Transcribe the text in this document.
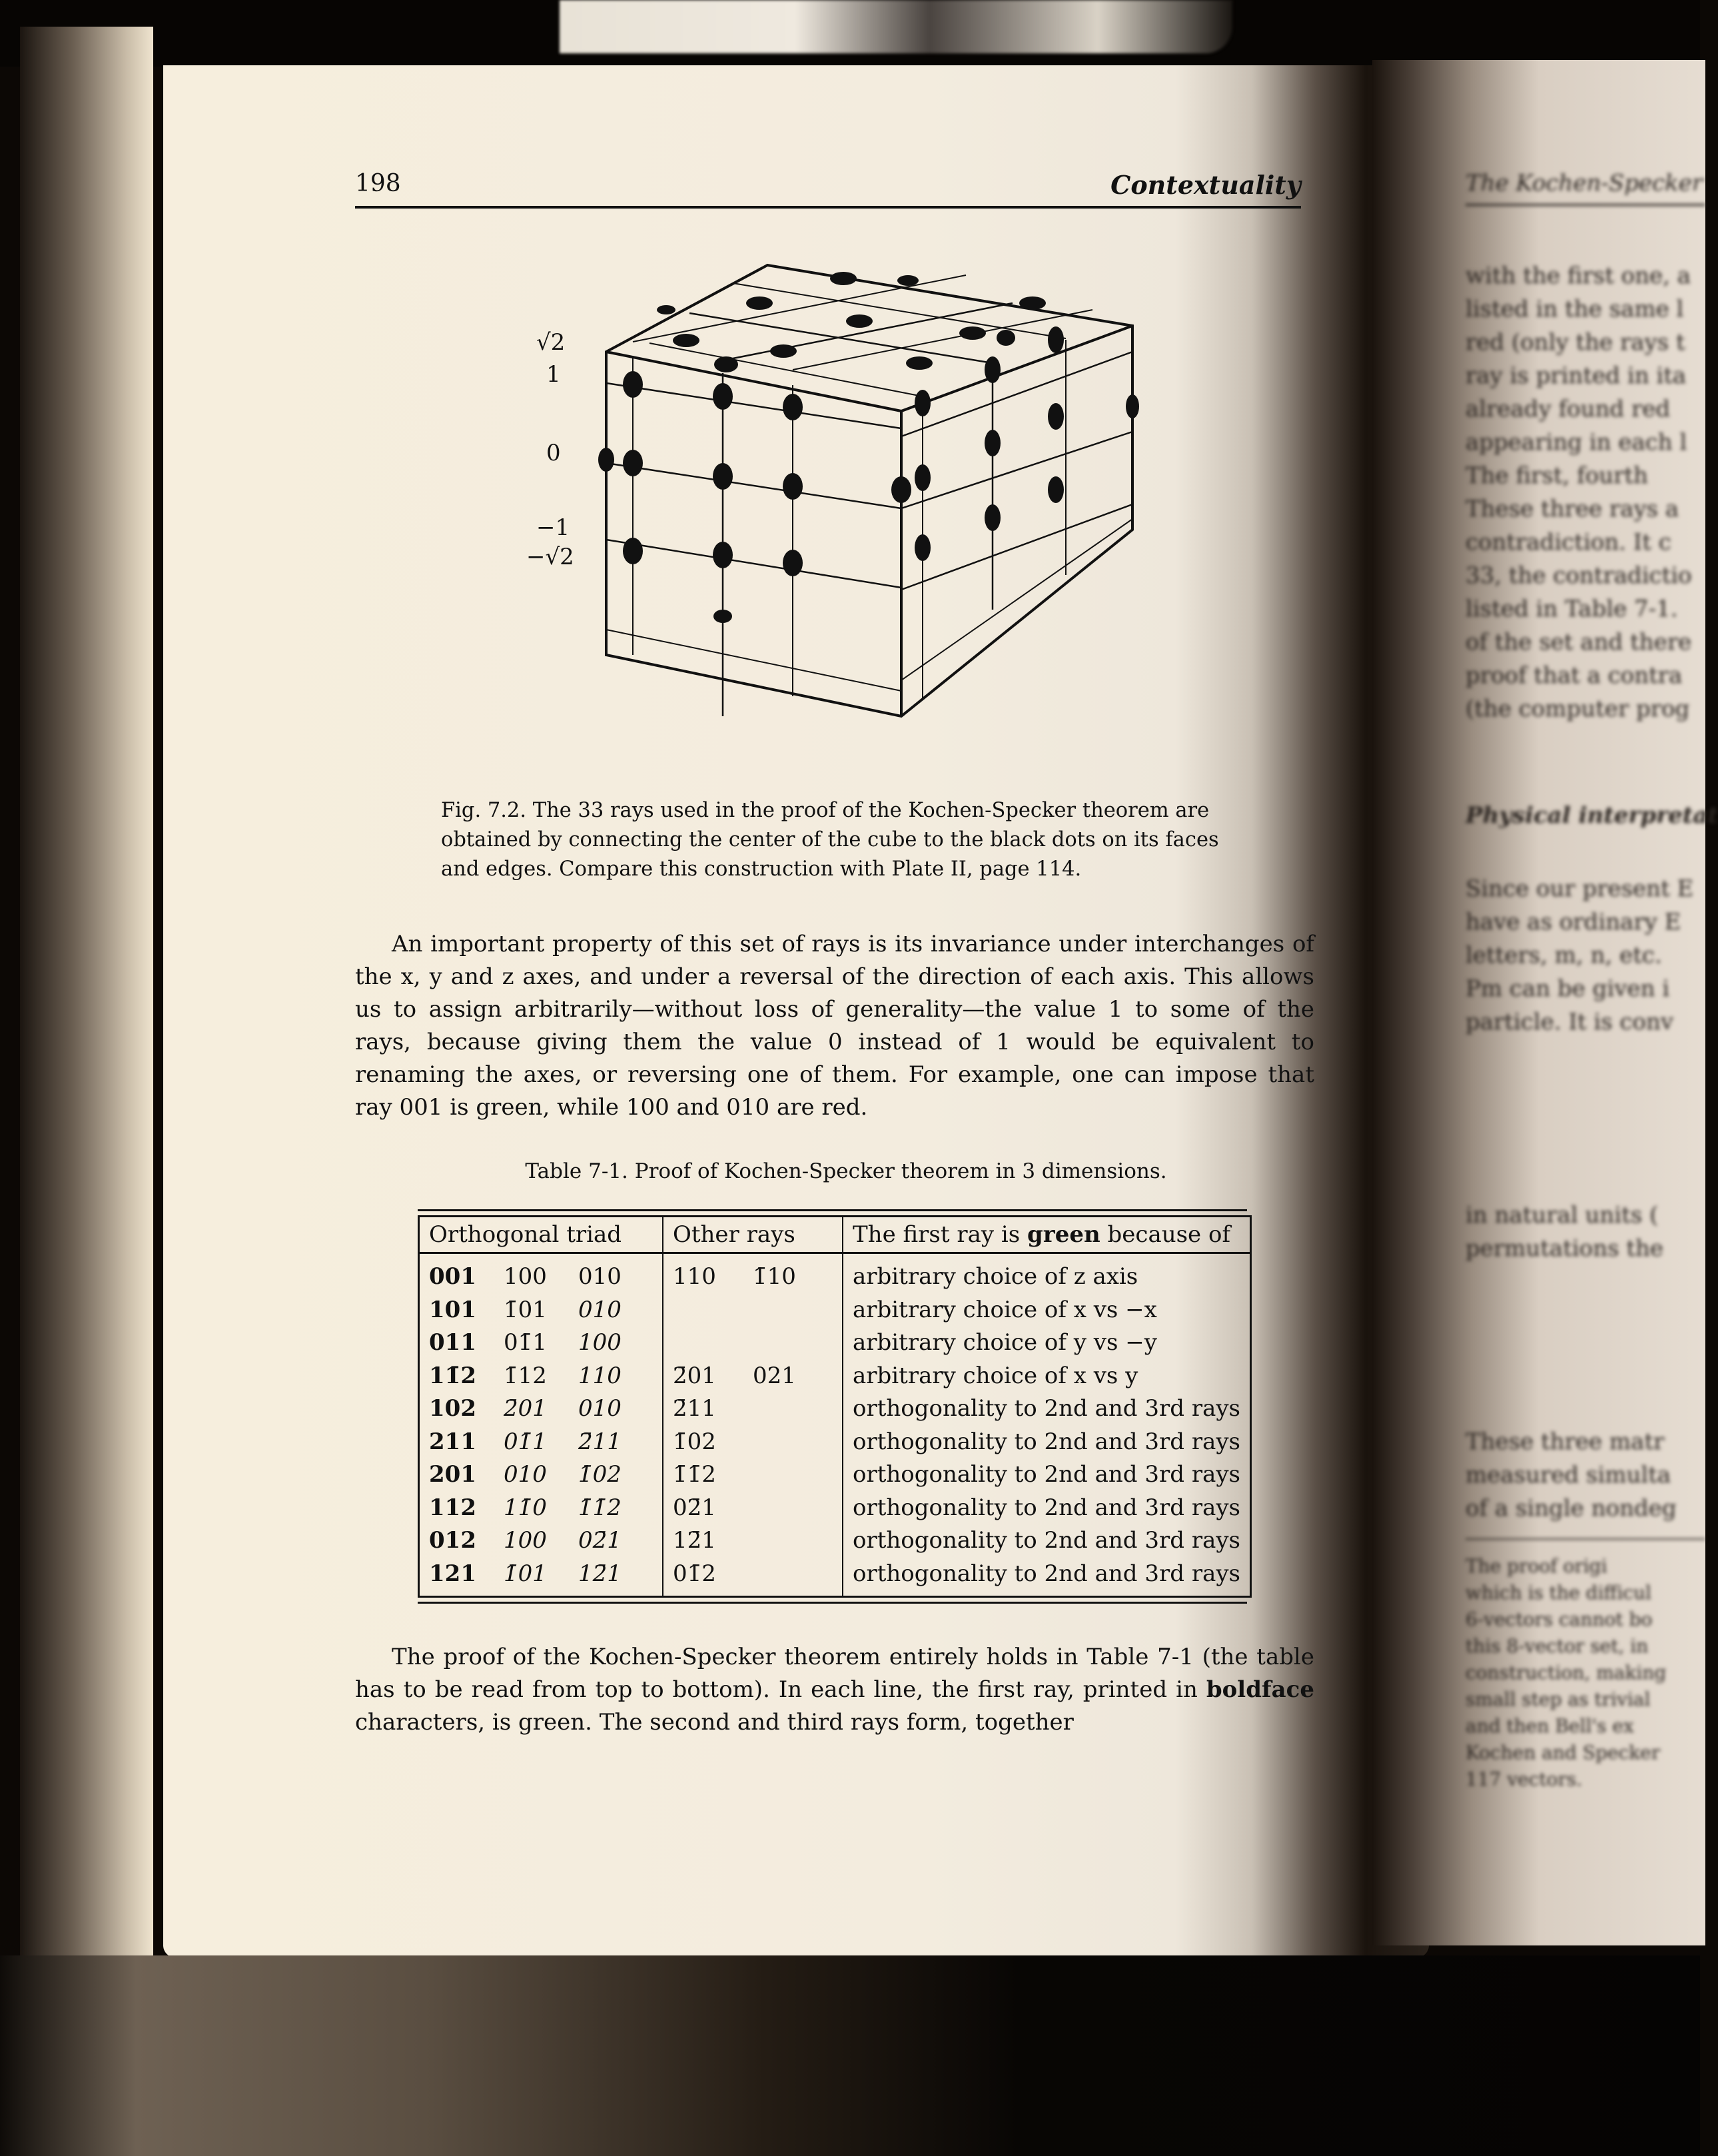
198	Contextuality
√2
1
0
−1
−√2
Fig. 7.2. The 33 rays used in the proof of the Kochen-Specker theorem are obtained by connecting the center of the cube to the black dots on its faces and edges. Compare this construction with Plate II, page 114.
An important property of this set of rays is its invariance under interchanges of the x, y and z axes, and under a reversal of the direction of each axis. This allows us to assign arbitrarily—without loss of generality—the value 1 to some of the rays, because giving them the value 0 instead of 1 would be equivalent to renaming the axes, or reversing one of them. For example, one can impose that ray 001 is green, while 100 and 010 are red.
Table 7-1. Proof of Kochen-Specker theorem in 3 dimensions.
Orthogonal triad	Other rays	The first ray is green because of
001 100 010	110 1̄10	arbitrary choice of z axis
101 1̄01 010		arbitrary choice of x vs −x
011 01̄1 100		arbitrary choice of y vs −y
11̄2 1̄12 110	2̄01 021	arbitrary choice of x vs y
102 2̄01 010	2̄11	orthogonality to 2nd and 3rd rays
211 01̄1 2̄11	1̄02	orthogonality to 2nd and 3rd rays
201 010 1̄02	1̄1̄2	orthogonality to 2nd and 3rd rays
112 11̄0 1̄1̄2	02̄1	orthogonality to 2nd and 3rd rays
012 100 02̄1	12̄1	orthogonality to 2nd and 3rd rays
121 1̄01 12̄1	01̄2	orthogonality to 2nd and 3rd rays
The proof of the Kochen-Specker theorem entirely holds in Table 7-1 (the table has to be read from top to bottom). In each line, the first ray, printed in boldface characters, is green. The second and third rays form, together
The Kochen-Specker
with the first one, a
listed in the same l
red (only the rays t
ray is printed in ita
already found red
appearing in each l
The first, fourth
These three rays a
contradiction. It c
33, the contradictio
listed in Table 7-1.
of the set and there
proof that a contra
(the computer prog
Physical interpretat
Since our present E
have as ordinary E
letters, m, n, etc.
Pm can be given i
particle. It is conv
in natural units (
permutations the
These three matr
measured simulta
of a single nondeg
The proof origi
which is the difficul
6-vectors cannot bo
this 8-vector set, in
construction, making
small step as trivial
and then Bell's ex
Kochen and Specker
117 vectors.
